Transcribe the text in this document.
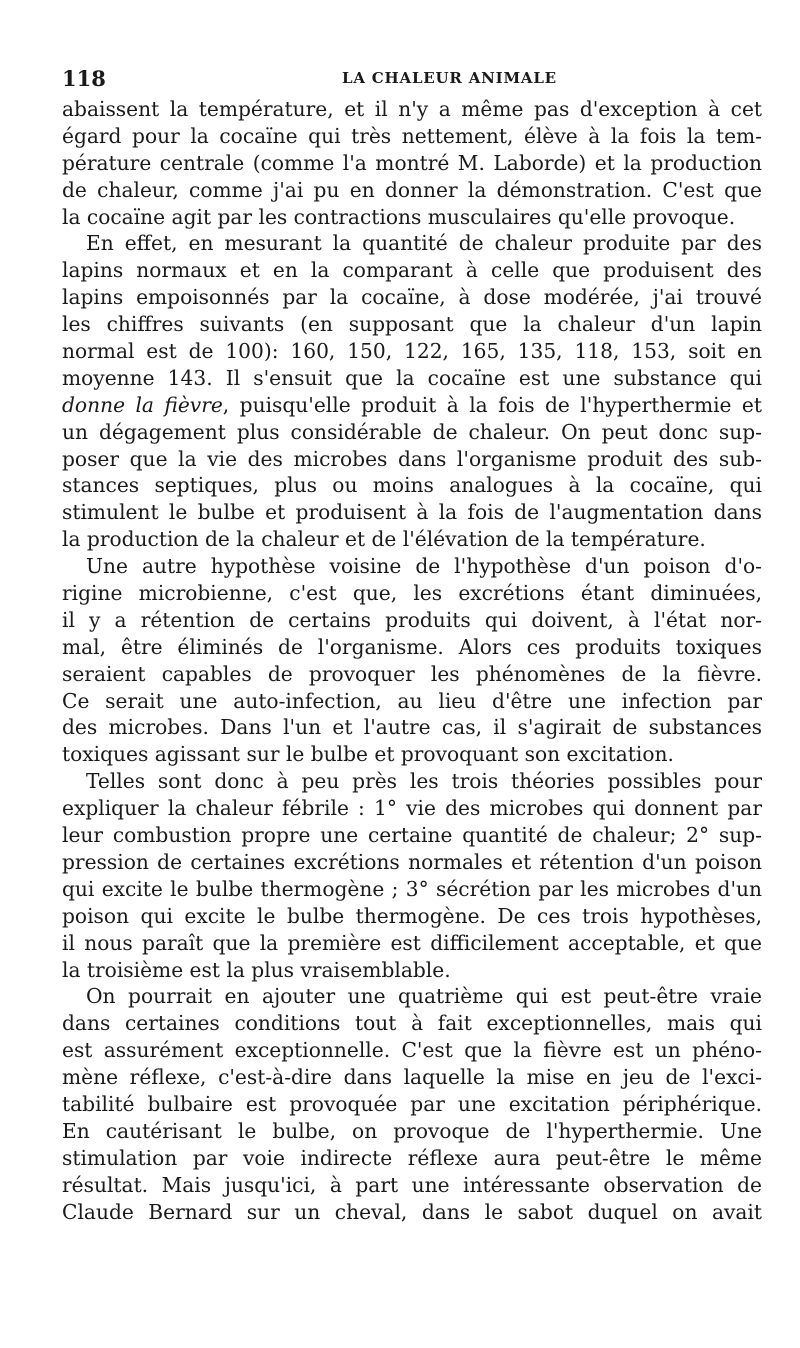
118	LA CHALEUR ANIMALE
abaissent la température, et il n'y a même pas d'exception à cet
égard pour la cocaïne qui très nettement, élève à la fois la tem-
pérature centrale (comme l'a montré M. Laborde) et la production
de chaleur, comme j'ai pu en donner la démonstration. C'est que
la cocaïne agit par les contractions musculaires qu'elle provoque.
En effet, en mesurant la quantité de chaleur produite par des
lapins normaux et en la comparant à celle que produisent des
lapins empoisonnés par la cocaïne, à dose modérée, j'ai trouvé
les chiffres suivants (en supposant que la chaleur d'un lapin
normal est de 100): 160, 150, 122, 165, 135, 118, 153, soit en
moyenne 143. Il s'ensuit que la cocaïne est une substance qui
donne la fièvre, puisqu'elle produit à la fois de l'hyperthermie et
un dégagement plus considérable de chaleur. On peut donc sup-
poser que la vie des microbes dans l'organisme produit des sub-
stances septiques, plus ou moins analogues à la cocaïne, qui
stimulent le bulbe et produisent à la fois de l'augmentation dans
la production de la chaleur et de l'élévation de la température.
Une autre hypothèse voisine de l'hypothèse d'un poison d'o-
rigine microbienne, c'est que, les excrétions étant diminuées,
il y a rétention de certains produits qui doivent, à l'état nor-
mal, être éliminés de l'organisme. Alors ces produits toxiques
seraient capables de provoquer les phénomènes de la fièvre.
Ce serait une auto-infection, au lieu d'être une infection par
des microbes. Dans l'un et l'autre cas, il s'agirait de substances
toxiques agissant sur le bulbe et provoquant son excitation.
Telles sont donc à peu près les trois théories possibles pour
expliquer la chaleur fébrile : 1° vie des microbes qui donnent par
leur combustion propre une certaine quantité de chaleur; 2° sup-
pression de certaines excrétions normales et rétention d'un poison
qui excite le bulbe thermogène ; 3° sécrétion par les microbes d'un
poison qui excite le bulbe thermogène. De ces trois hypothèses,
il nous paraît que la première est difficilement acceptable, et que
la troisième est la plus vraisemblable.
On pourrait en ajouter une quatrième qui est peut-être vraie
dans certaines conditions tout à fait exceptionnelles, mais qui
est assurément exceptionnelle. C'est que la fièvre est un phéno-
mène réflexe, c'est-à-dire dans laquelle la mise en jeu de l'exci-
tabilité bulbaire est provoquée par une excitation périphérique.
En cautérisant le bulbe, on provoque de l'hyperthermie. Une
stimulation par voie indirecte réflexe aura peut-être le même
résultat. Mais jusqu'ici, à part une intéressante observation de
Claude Bernard sur un cheval, dans le sabot duquel on avait
